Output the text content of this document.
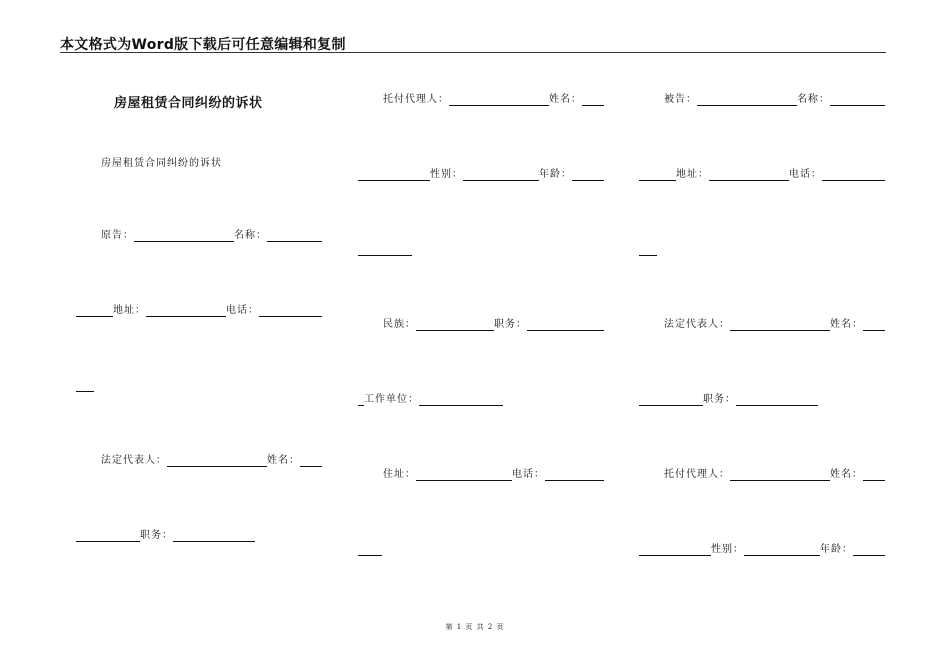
本文格式为Word版下载后可任意编辑和复制
房屋租赁合同纠纷的诉状
房屋租赁合同纠纷的诉状
原告：	名称：
地址：	电话：
法定代表人：	姓名：
职务：
托付代理人：	姓名：
性别：	年龄：
民族：	职务：
工作单位：
住址：	电话：
被告：	名称：
地址：	电话：
法定代表人：	姓名：
职务：
托付代理人：	姓名：
性别：	年龄：
第 1 页 共 2 页
